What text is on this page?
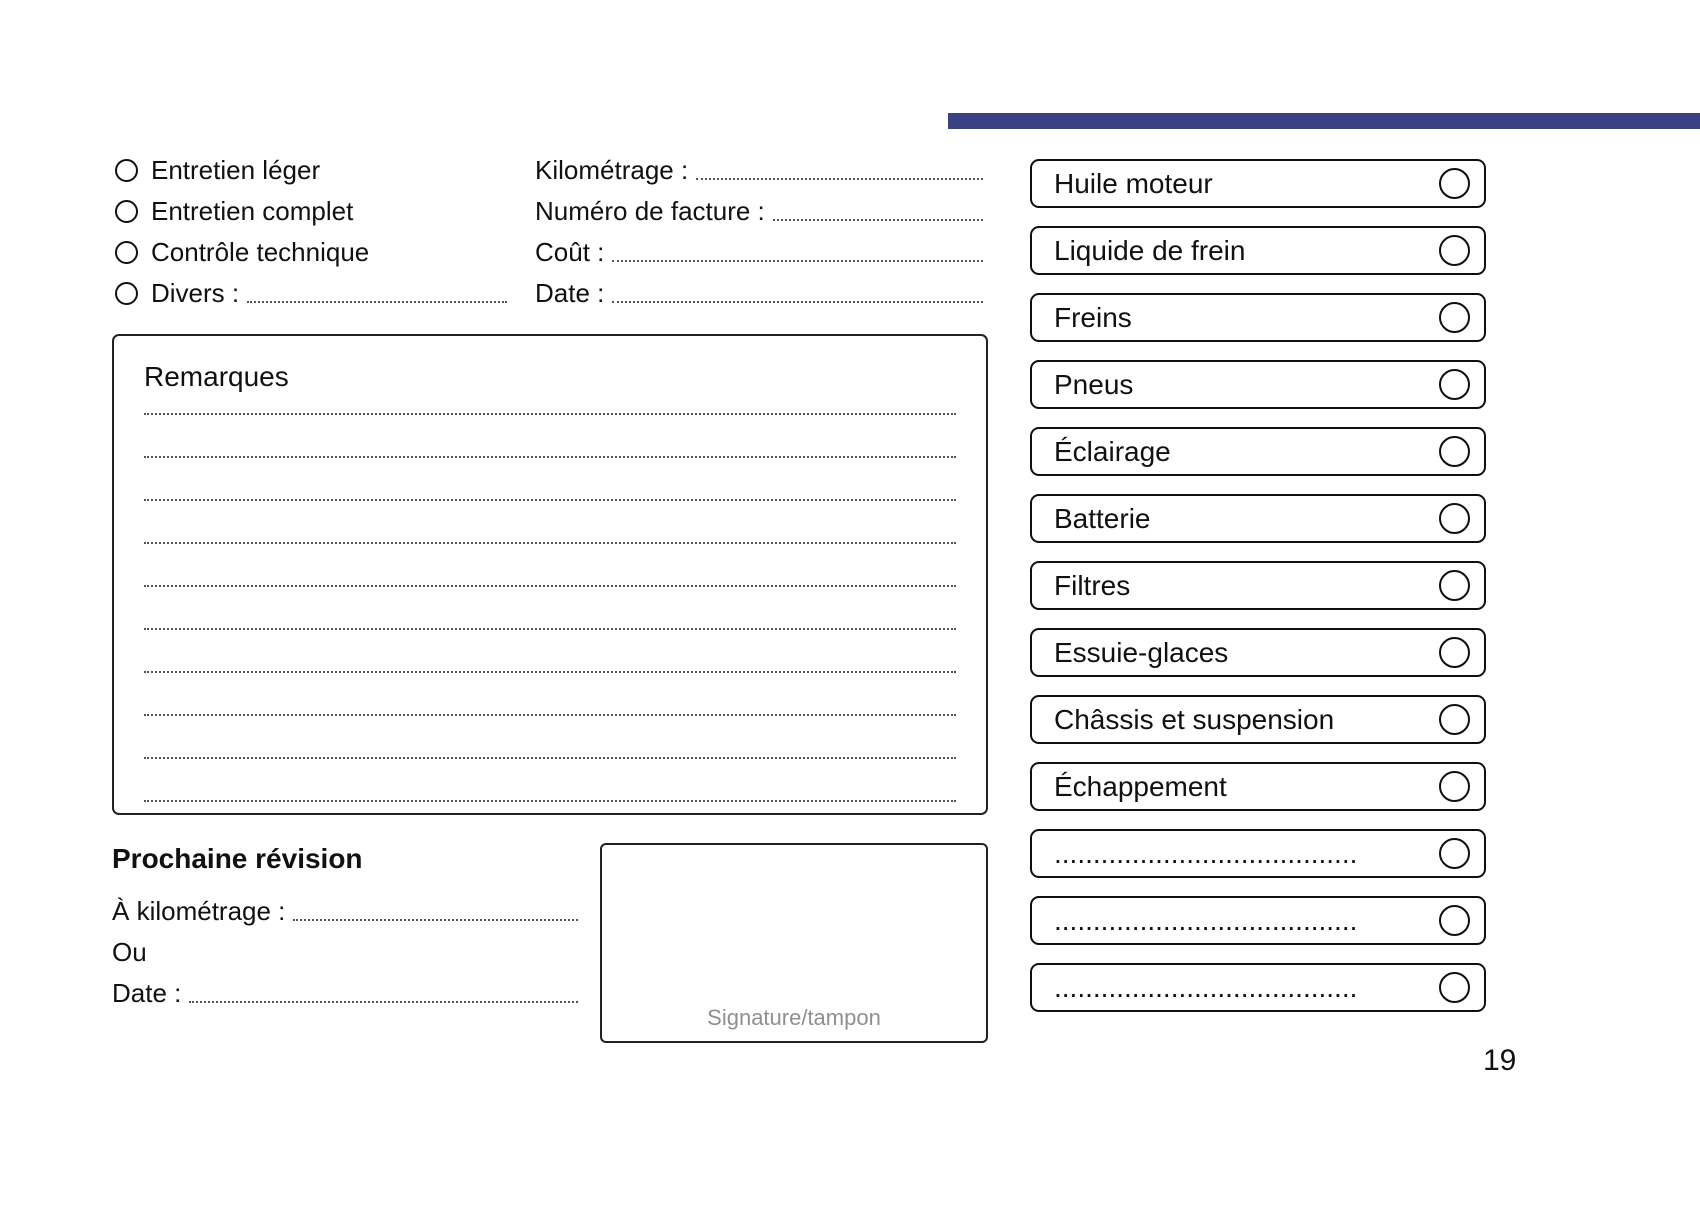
Entretien léger
Entretien complet
Contrôle technique
Divers :
Kilométrage :
Numéro de facture :
Coût :
Date :
Remarques
Prochaine révision
À kilométrage :
Ou
Date :
Signature/tampon
Huile moteur
Liquide de frein
Freins
Pneus
Éclairage
Batterie
Filtres
Essuie-glaces
Châssis et suspension
Échappement
.......................................
.......................................
.......................................
19
